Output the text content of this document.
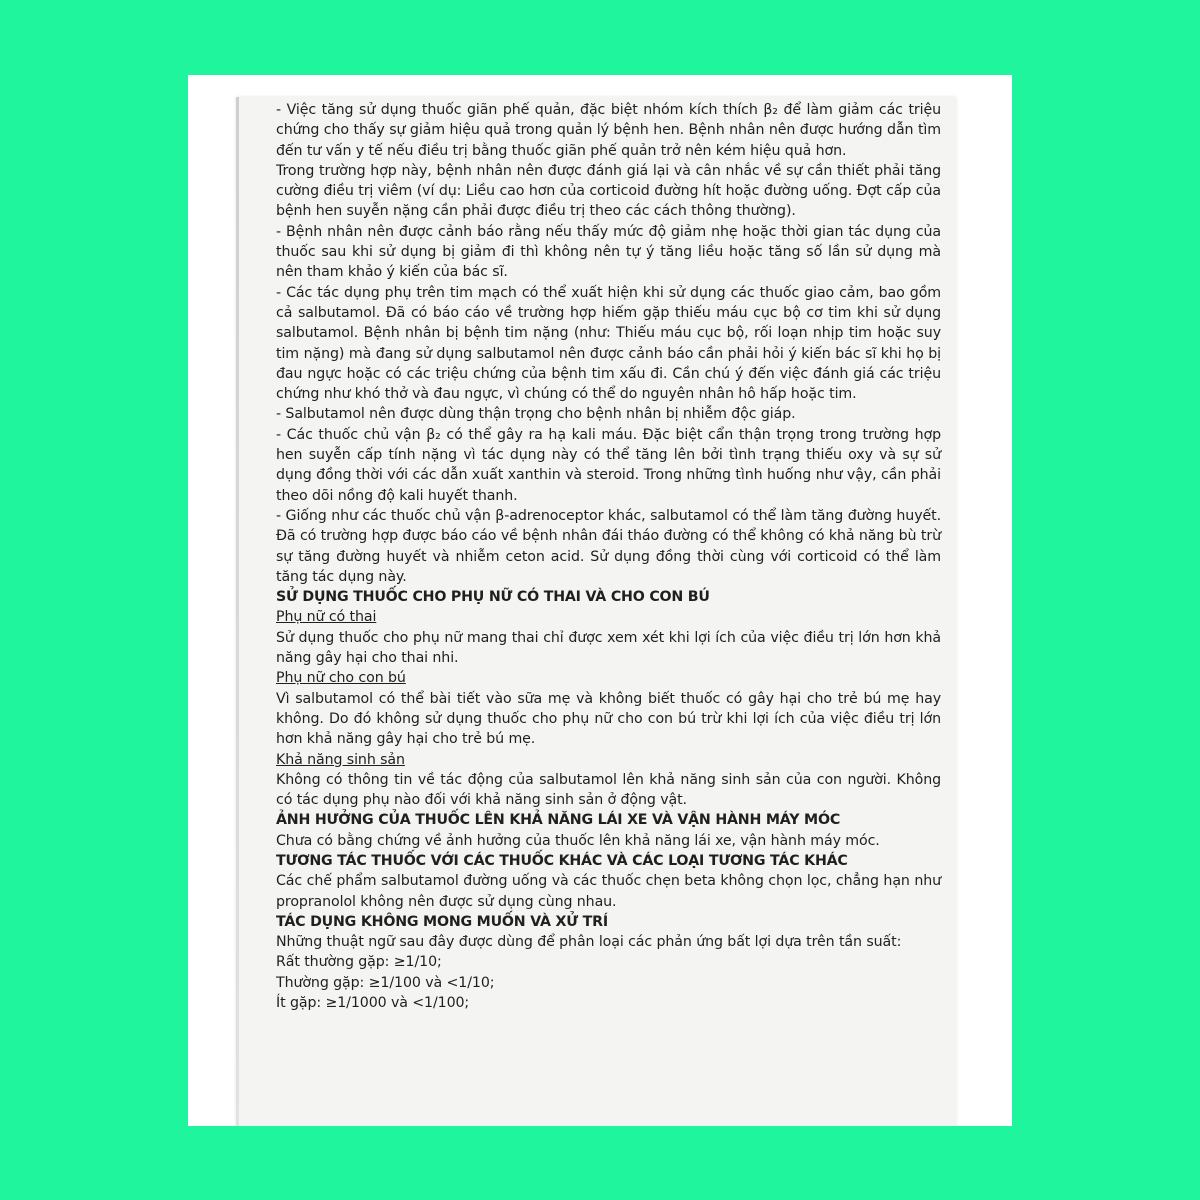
- Việc tăng sử dụng thuốc giãn phế quản, đặc biệt nhóm kích thích β₂ để làm giảm các triệu chứng cho thấy sự giảm hiệu quả trong quản lý bệnh hen. Bệnh nhân nên được hướng dẫn tìm đến tư vấn y tế nếu điều trị bằng thuốc giãn phế quản trở nên kém hiệu quả hơn.

Trong trường hợp này, bệnh nhân nên được đánh giá lại và cân nhắc về sự cần thiết phải tăng cường điều trị viêm (ví dụ: Liều cao hơn của corticoid đường hít hoặc đường uống. Đợt cấp của bệnh hen suyễn nặng cần phải được điều trị theo các cách thông thường).

- Bệnh nhân nên được cảnh báo rằng nếu thấy mức độ giảm nhẹ hoặc thời gian tác dụng của thuốc sau khi sử dụng bị giảm đi thì không nên tự ý tăng liều hoặc tăng số lần sử dụng mà nên tham khảo ý kiến của bác sĩ.

- Các tác dụng phụ trên tim mạch có thể xuất hiện khi sử dụng các thuốc giao cảm, bao gồm cả salbutamol. Đã có báo cáo về trường hợp hiếm gặp thiếu máu cục bộ cơ tim khi sử dụng salbutamol. Bệnh nhân bị bệnh tim nặng (như: Thiếu máu cục bộ, rối loạn nhịp tim hoặc suy tim nặng) mà đang sử dụng salbutamol nên được cảnh báo cần phải hỏi ý kiến bác sĩ khi họ bị đau ngực hoặc có các triệu chứng của bệnh tim xấu đi. Cần chú ý đến việc đánh giá các triệu chứng như khó thở và đau ngực, vì chúng có thể do nguyên nhân hô hấp hoặc tim.

- Salbutamol nên được dùng thận trọng cho bệnh nhân bị nhiễm độc giáp.

- Các thuốc chủ vận β₂ có thể gây ra hạ kali máu. Đặc biệt cẩn thận trọng trong trường hợp hen suyễn cấp tính nặng vì tác dụng này có thể tăng lên bởi tình trạng thiếu oxy và sự sử dụng đồng thời với các dẫn xuất xanthin và steroid. Trong những tình huống như vậy, cần phải theo dõi nồng độ kali huyết thanh.

- Giống như các thuốc chủ vận β-adrenoceptor khác, salbutamol có thể làm tăng đường huyết. Đã có trường hợp được báo cáo về bệnh nhân đái tháo đường có thể không có khả năng bù trừ sự tăng đường huyết và nhiễm ceton acid. Sử dụng đồng thời cùng với corticoid có thể làm tăng tác dụng này.

SỬ DỤNG THUỐC CHO PHỤ NỮ CÓ THAI VÀ CHO CON BÚ

Phụ nữ có thai

Sử dụng thuốc cho phụ nữ mang thai chỉ được xem xét khi lợi ích của việc điều trị lớn hơn khả năng gây hại cho thai nhi.

Phụ nữ cho con bú

Vì salbutamol có thể bài tiết vào sữa mẹ và không biết thuốc có gây hại cho trẻ bú mẹ hay không. Do đó không sử dụng thuốc cho phụ nữ cho con bú trừ khi lợi ích của việc điều trị lớn hơn khả năng gây hại cho trẻ bú mẹ.

Khả năng sinh sản

Không có thông tin về tác động của salbutamol lên khả năng sinh sản của con người. Không có tác dụng phụ nào đối với khả năng sinh sản ở động vật.

ẢNH HƯỞNG CỦA THUỐC LÊN KHẢ NĂNG LÁI XE VÀ VẬN HÀNH MÁY MÓC

Chưa có bằng chứng về ảnh hưởng của thuốc lên khả năng lái xe, vận hành máy móc.

TƯƠNG TÁC THUỐC VỚI CÁC THUỐC KHÁC VÀ CÁC LOẠI TƯƠNG TÁC KHÁC

Các chế phẩm salbutamol đường uống và các thuốc chẹn beta không chọn lọc, chẳng hạn như propranolol không nên được sử dụng cùng nhau.

TÁC DỤNG KHÔNG MONG MUỐN VÀ XỬ TRÍ

Những thuật ngữ sau đây được dùng để phân loại các phản ứng bất lợi dựa trên tần suất:

Rất thường gặp: ≥1/10;

Thường gặp: ≥1/100 và <1/10;

Ít gặp: ≥1/1000 và <1/100;
